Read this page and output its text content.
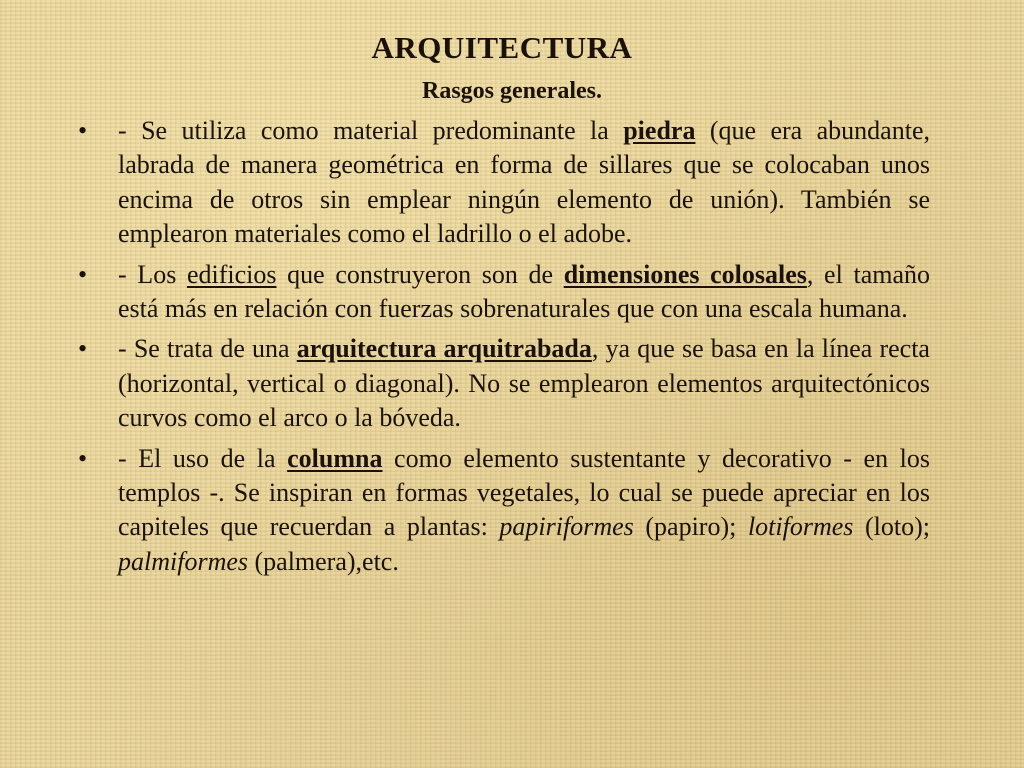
ARQUITECTURA
Rasgos generales.
• - Se utiliza como material predominante la piedra (que era abundante, labrada de manera geométrica en forma de sillares que se colocaban unos encima de otros sin emplear ningún elemento de unión). También se emplearon materiales como el ladrillo o el adobe.
• - Los edificios que construyeron son de dimensiones colosales, el tamaño está más en relación con fuerzas sobrenaturales que con una escala humana.
• - Se trata de una arquitectura arquitrabada, ya que se basa en la línea recta (horizontal, vertical o diagonal). No se emplearon elementos arquitectónicos curvos como el arco o la bóveda.
• - El uso de la columna como elemento sustentante y decorativo - en los templos -. Se inspiran en formas vegetales, lo cual se puede apreciar en los capiteles que recuerdan a plantas: papiriformes (papiro); lotiformes (loto); palmiformes (palmera),etc.
